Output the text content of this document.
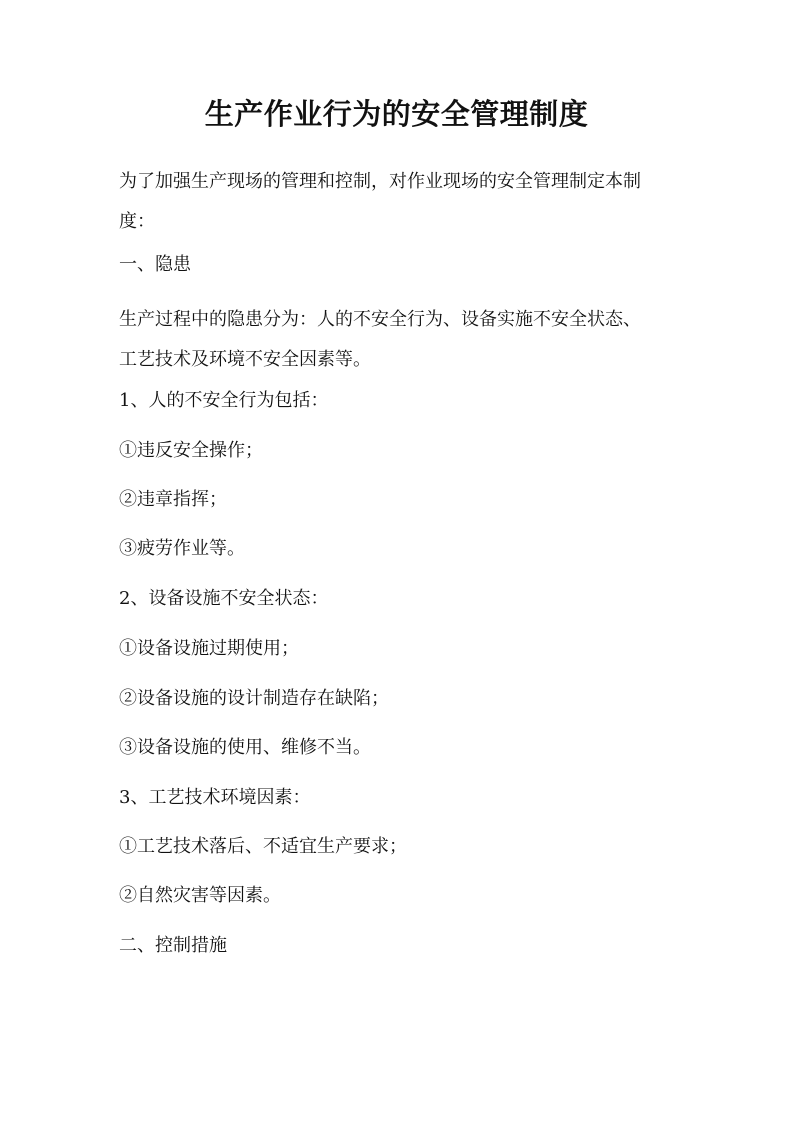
生产作业行为的安全管理制度
为了加强生产现场的管理和控制，对作业现场的安全管理制定本制
度：
一、隐患
生产过程中的隐患分为：人的不安全行为、设备实施不安全状态、
工艺技术及环境不安全因素等。
1、人的不安全行为包括：
①违反安全操作；
②违章指挥；
③疲劳作业等。
2、设备设施不安全状态：
①设备设施过期使用；
②设备设施的设计制造存在缺陷；
③设备设施的使用、维修不当。
3、工艺技术环境因素：
①工艺技术落后、不适宜生产要求；
②自然灾害等因素。
二、控制措施
